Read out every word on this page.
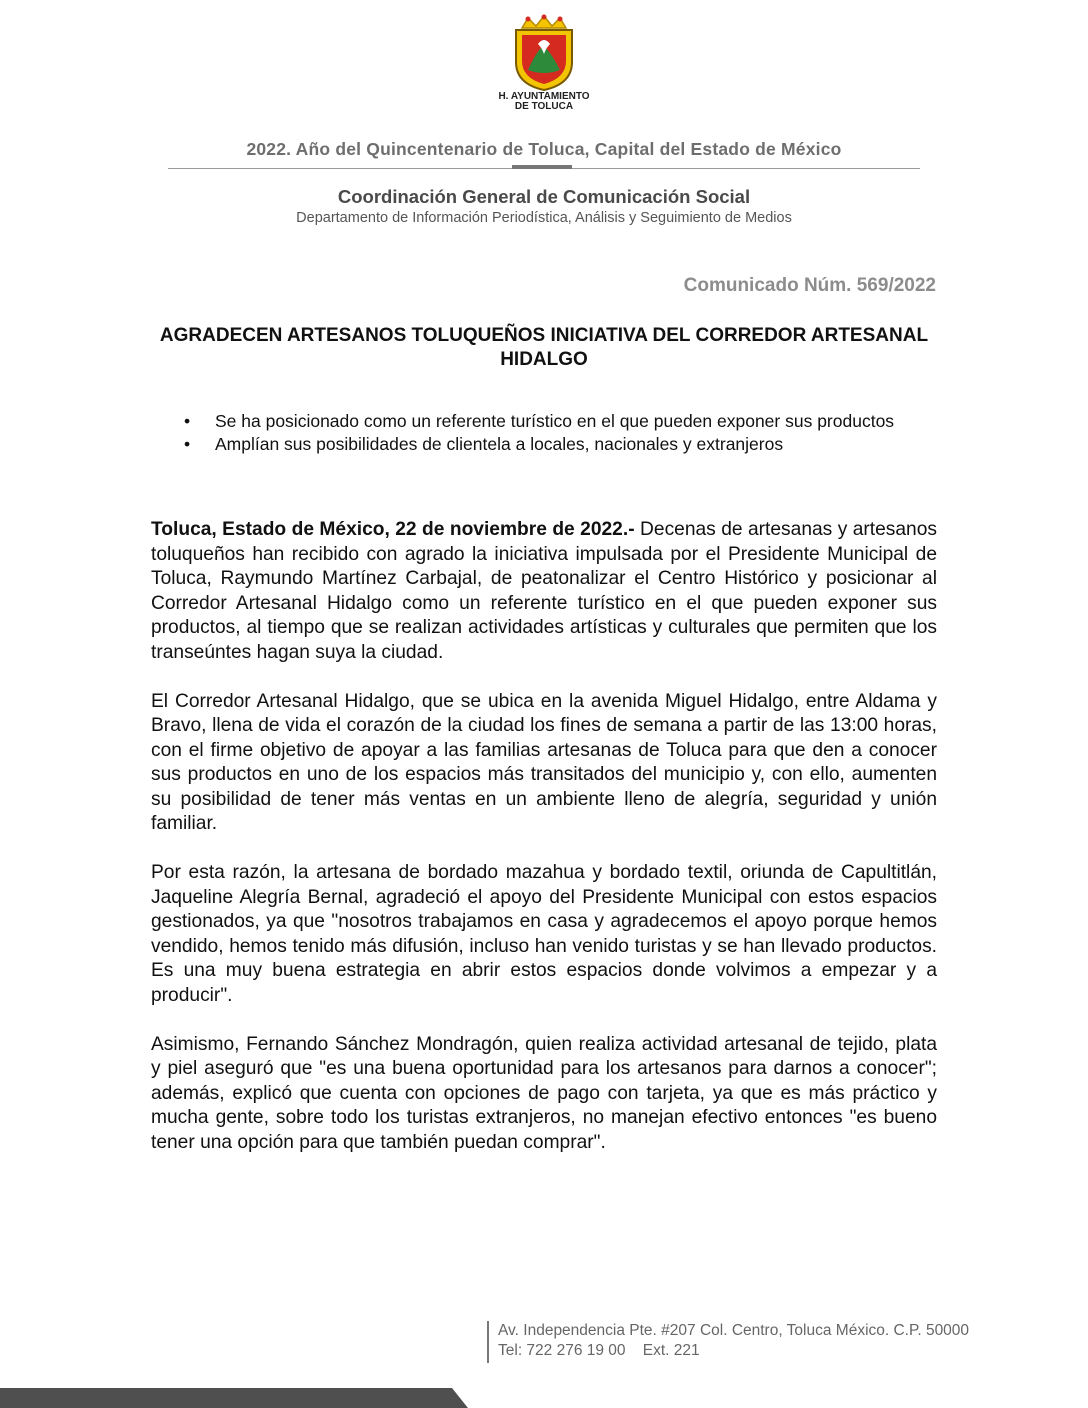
H. AYUNTAMIENTO
DE TOLUCA
2022. Año del Quincentenario de Toluca, Capital del Estado de México
Coordinación General de Comunicación Social
Departamento de Información Periodística, Análisis y Seguimiento de Medios
Comunicado Núm. 569/2022
AGRADECEN ARTESANOS TOLUQUEÑOS INICIATIVA DEL CORREDOR ARTESANAL HIDALGO
• Se ha posicionado como un referente turístico en el que pueden exponer sus productos
• Amplían sus posibilidades de clientela a locales, nacionales y extranjeros

Toluca, Estado de México, 22 de noviembre de 2022.- Decenas de artesanas y artesanos toluqueños han recibido con agrado la iniciativa impulsada por el Presidente Municipal de Toluca, Raymundo Martínez Carbajal, de peatonalizar el Centro Histórico y posicionar al Corredor Artesanal Hidalgo como un referente turístico en el que pueden exponer sus productos, al tiempo que se realizan actividades artísticas y culturales que permiten que los transeúntes hagan suya la ciudad.

El Corredor Artesanal Hidalgo, que se ubica en la avenida Miguel Hidalgo, entre Aldama y Bravo, llena de vida el corazón de la ciudad los fines de semana a partir de las 13:00 horas, con el firme objetivo de apoyar a las familias artesanas de Toluca para que den a conocer sus productos en uno de los espacios más transitados del municipio y, con ello, aumenten su posibilidad de tener más ventas en un ambiente lleno de alegría, seguridad y unión familiar.

Por esta razón, la artesana de bordado mazahua y bordado textil, oriunda de Capultitlán, Jaqueline Alegría Bernal, agradeció el apoyo del Presidente Municipal con estos espacios gestionados, ya que "nosotros trabajamos en casa y agradecemos el apoyo porque hemos vendido, hemos tenido más difusión, incluso han venido turistas y se han llevado productos. Es una muy buena estrategia en abrir estos espacios donde volvimos a empezar y a producir".

Asimismo, Fernando Sánchez Mondragón, quien realiza actividad artesanal de tejido, plata y piel aseguró que "es una buena oportunidad para los artesanos para darnos a conocer"; además, explicó que cuenta con opciones de pago con tarjeta, ya que es más práctico y mucha gente, sobre todo los turistas extranjeros, no manejan efectivo entonces "es bueno tener una opción para que también puedan comprar".

Av. Independencia Pte. #207 Col. Centro, Toluca México. C.P. 50000
Tel: 722 276 19 00    Ext. 221
